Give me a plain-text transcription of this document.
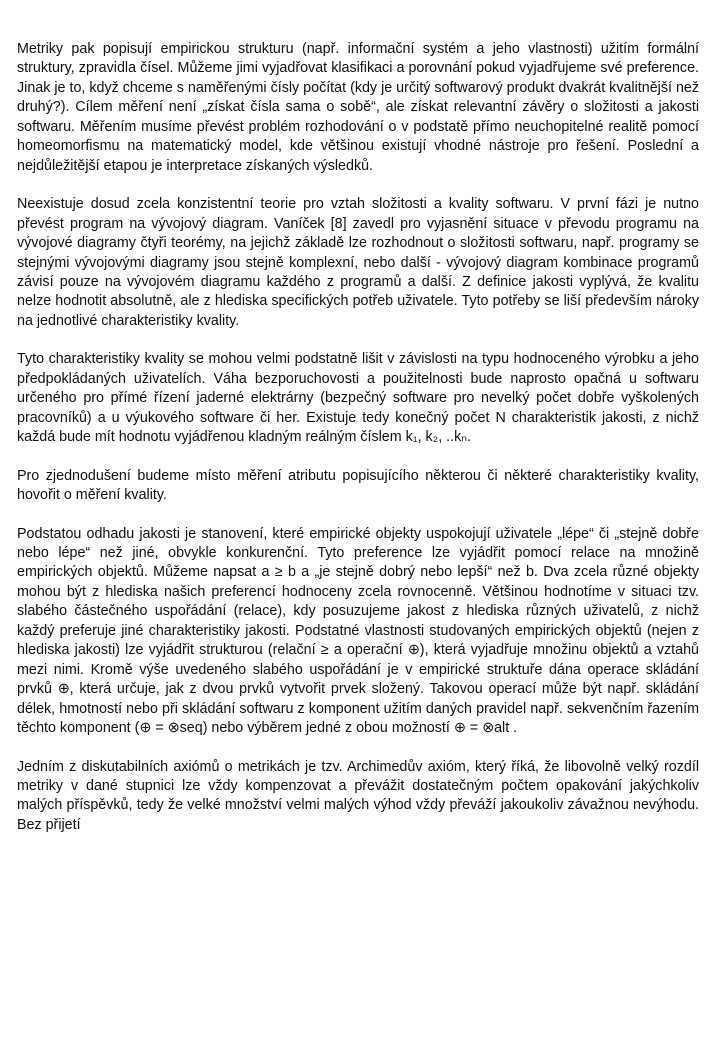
Metriky pak popisují empirickou strukturu (např. informační systém a jeho vlastnosti) užitím formální struktury, zpravidla čísel. Můžeme jimi vyjadřovat klasifikaci a porovnání pokud vyjadřujeme své preference. Jinak je to, když chceme s naměřenými čísly počítat (kdy je určitý softwarový produkt dvakrát kvalitnější než druhý?). Cílem měření není „získat čísla sama o sobě“, ale získat relevantní závěry o složitosti a jakosti softwaru. Měřením musíme převést problém rozhodování o v podstatě přímo neuchopitelné realitě pomocí homeomorfismu na matematický model, kde většinou existují vhodné nástroje pro řešení. Poslední a nejdůležitější etapou je interpretace získaných výsledků.

Neexistuje dosud zcela konzistentní teorie pro vztah složitosti a kvality softwaru. V první fázi je nutno převést program na vývojový diagram. Vaníček [8] zavedl pro vyjasnění situace v převodu programu na vývojové diagramy čtyři teorémy, na jejichž základě lze rozhodnout o složitosti softwaru, např. programy se stejnými vývojovými diagramy jsou stejně komplexní, nebo další - vývojový diagram kombinace programů závisí pouze na vývojovém diagramu každého z programů a další. Z definice jakosti vyplývá, že kvalitu nelze hodnotit absolutně, ale z hlediska specifických potřeb uživatele. Tyto potřeby se liší především nároky na jednotlivé charakteristiky kvality.

Tyto charakteristiky kvality se mohou velmi podstatně lišit v závislosti na typu hodnoceného výrobku a jeho předpokládaných uživatelích. Váha bezporuchovosti a použitelnosti bude naprosto opačná u softwaru určeného pro přímé řízení jaderné elektrárny (bezpečný software pro nevelký počet dobře vyškolených pracovníků) a u výukového software či her. Existuje tedy konečný počet N charakteristik jakosti, z nichž každá bude mít hodnotu vyjádřenou kladným reálným číslem k₁, k₂, ..kₙ.

Pro zjednodušení budeme místo měření atributu popisujícího některou či některé charakteristiky kvality, hovořit o měření kvality.

Podstatou odhadu jakosti je stanovení, které empirické objekty uspokojují uživatele „lépe“ či „stejně dobře nebo lépe“ než jiné, obvykle konkurenční. Tyto preference lze vyjádřit pomocí relace na množině empirických objektů. Můžeme napsat a ≥ b a „je stejně dobrý nebo lepší“ než b. Dva zcela různé objekty mohou být z hlediska našich preferencí hodnoceny zcela rovnocenně. Většinou hodnotíme v situaci tzv. slabého částečného uspořádání (relace), kdy posuzujeme jakost z hlediska různých uživatelů, z nichž každý preferuje jiné charakteristiky jakosti. Podstatné vlastnosti studovaných empirických objektů (nejen z hlediska jakosti) lze vyjádřit strukturou (relační ≥ a operační ⊕), která vyjadřuje množinu objektů a vztahů mezi nimi. Kromě výše uvedeného slabého uspořádání je v empirické struktuře dána operace skládání prvků ⊕, která určuje, jak z dvou prvků vytvořit prvek složený. Takovou operací může být např. skládání délek, hmotností nebo při skládání softwaru z komponent užitím daných pravidel např. sekvenčním řazením těchto komponent (⊕ = ⊗seq) nebo výběrem jedné z obou možností ⊕ = ⊗alt .

Jedním z diskutabilních axiómů o metrikách je tzv. Archimedův axióm, který říká, že libovolně velký rozdíl metriky v dané stupnici lze vždy kompenzovat a převážit dostatečným počtem opakování jakýchkoliv malých příspěvků, tedy že velké množství velmi malých výhod vždy převáží jakoukoliv závažnou nevýhodu. Bez přijetí
